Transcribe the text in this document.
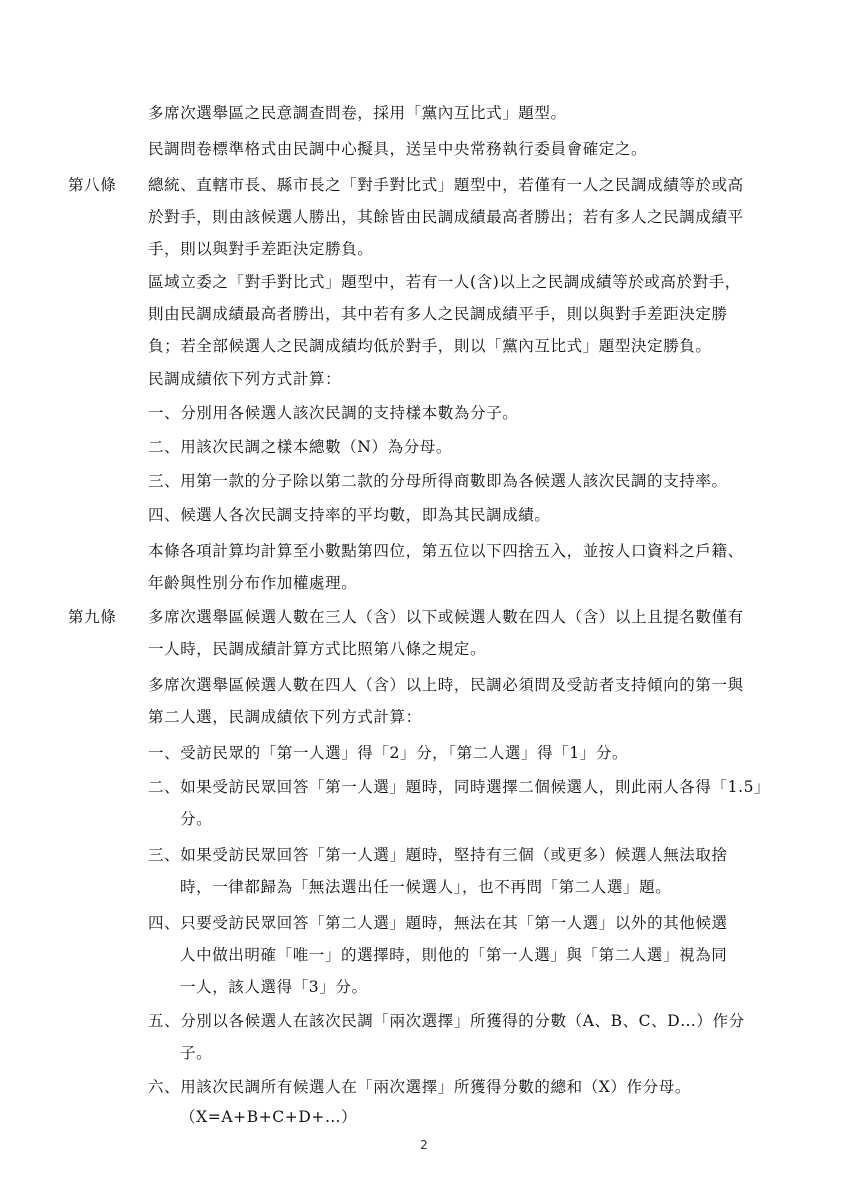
第八條
第九條
多席次選舉區之民意調查問卷，採用「黨內互比式」題型。
民調問卷標準格式由民調中心擬具，送呈中央常務執行委員會確定之。
總統、直轄市長、縣市長之「對手對比式」題型中，若僅有一人之民調成績等於或高
於對手，則由該候選人勝出，其餘皆由民調成績最高者勝出；若有多人之民調成績平
手，則以與對手差距決定勝負。
區域立委之「對手對比式」題型中，若有一人(含)以上之民調成績等於或高於對手，
則由民調成績最高者勝出，其中若有多人之民調成績平手，則以與對手差距決定勝
負；若全部候選人之民調成績均低於對手，則以「黨內互比式」題型決定勝負。
民調成績依下列方式計算：
一、分別用各候選人該次民調的支持樣本數為分子。
二、用該次民調之樣本總數（N）為分母。
三、用第一款的分子除以第二款的分母所得商數即為各候選人該次民調的支持率。
四、候選人各次民調支持率的平均數，即為其民調成績。
本條各項計算均計算至小數點第四位，第五位以下四捨五入，並按人口資料之戶籍、
年齡與性別分布作加權處理。
多席次選舉區候選人數在三人（含）以下或候選人數在四人（含）以上且提名數僅有
一人時，民調成績計算方式比照第八條之規定。
多席次選舉區候選人數在四人（含）以上時，民調必須問及受訪者支持傾向的第一與
第二人選，民調成績依下列方式計算：
一、受訪民眾的「第一人選」得「2」分，「第二人選」得「1」分。
二、如果受訪民眾回答「第一人選」題時，同時選擇二個候選人，則此兩人各得「1.5」
分。
三、如果受訪民眾回答「第一人選」題時，堅持有三個（或更多）候選人無法取捨
時，一律都歸為「無法選出任一候選人」，也不再問「第二人選」題。
四、只要受訪民眾回答「第二人選」題時，無法在其「第一人選」以外的其他候選
人中做出明確「唯一」的選擇時，則他的「第一人選」與「第二人選」視為同
一人，該人選得「3」分。
五、分別以各候選人在該次民調「兩次選擇」所獲得的分數（A、B、C、D…）作分
子。
六、用該次民調所有候選人在「兩次選擇」所獲得分數的總和（X）作分母。
（X=A+B+C+D+…）
2
